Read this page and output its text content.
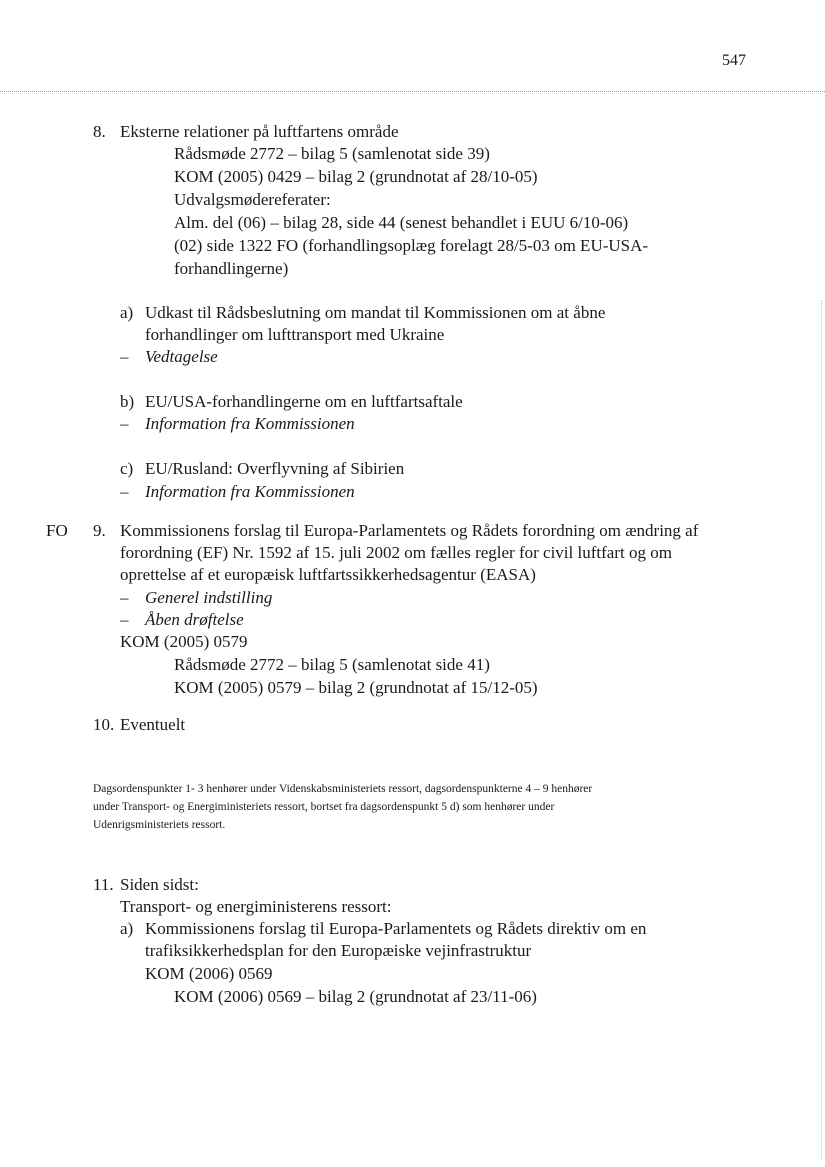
547
8. Eksterne relationer på luftfartens område
Rådsmøde 2772 – bilag 5 (samlenotat side 39)
KOM (2005) 0429 – bilag 2 (grundnotat af 28/10-05)
Udvalgsmødereferater:
Alm. del (06) – bilag 28, side 44 (senest behandlet i EUU 6/10-06)
(02) side 1322 FO (forhandlingsoplæg forelagt 28/5-03 om EU-USA-
forhandlingerne)
a) Udkast til Rådsbeslutning om mandat til Kommissionen om at åbne
forhandlinger om lufttransport med Ukraine
– Vedtagelse
b) EU/USA-forhandlingerne om en luftfartsaftale
– Information fra Kommissionen
c) EU/Rusland: Overflyvning af Sibirien
– Information fra Kommissionen
FO 9. Kommissionens forslag til Europa-Parlamentets og Rådets forordning om ændring af
forordning (EF) Nr. 1592 af 15. juli 2002 om fælles regler for civil luftfart og om
oprettelse af et europæisk luftfartssikkerhedsagentur (EASA)
– Generel indstilling
– Åben drøftelse
KOM (2005) 0579
Rådsmøde 2772 – bilag 5 (samlenotat side 41)
KOM (2005) 0579 – bilag 2 (grundnotat af 15/12-05)
10. Eventuelt
Dagsordenspunkter 1- 3 henhører under Videnskabsministeriets ressort, dagsordenspunkterne 4 – 9 henhører
under Transport- og Energiministeriets ressort, bortset fra dagsordenspunkt 5 d) som henhører under
Udenrigsministeriets ressort.
11. Siden sidst:
Transport- og energiministerens ressort:
a) Kommissionens forslag til Europa-Parlamentets og Rådets direktiv om en
trafiksikkerhedsplan for den Europæiske vejinfrastruktur
KOM (2006) 0569
KOM (2006) 0569 – bilag 2 (grundnotat af 23/11-06)
